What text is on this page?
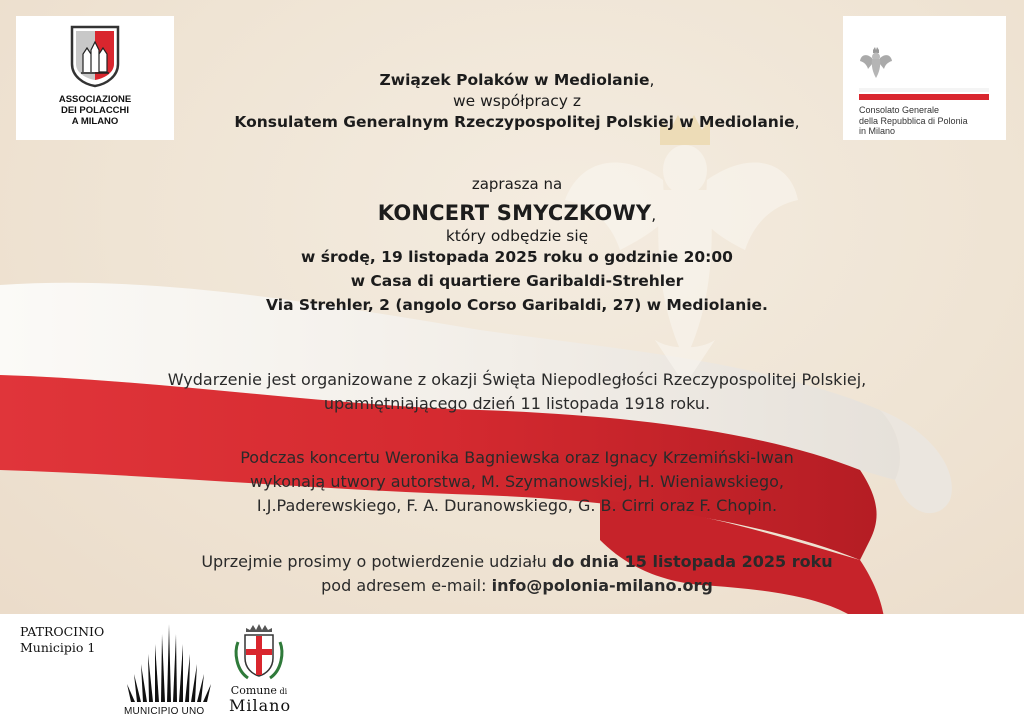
ASSOCIAZIONE
DEI POLACCHI
A MILANO
Consolato Generale
della Repubblica di Polonia
in Milano
Związek Polaków w Mediolanie,
we współpracy z
Konsulatem Generalnym Rzeczypospolitej Polskiej w Mediolanie,
zaprasza na
KONCERT SMYCZKOWY,
który odbędzie się
w środę, 19 listopada 2025 roku o godzinie 20:00
w Casa di quartiere Garibaldi-Strehler
Via Strehler, 2 (angolo Corso Garibaldi, 27) w Mediolanie.
Wydarzenie jest organizowane z okazji Święta Niepodległości Rzeczypospolitej Polskiej,
upamiętniającego dzień 11 listopada 1918 roku.
Podczas koncertu Weronika Bagniewska oraz Ignacy Krzemiński-Iwan
wykonają utwory autorstwa, M. Szymanowskiej, H. Wieniawskiego,
I.J.Paderewskiego, F. A. Duranowskiego, G. B. Cirri oraz F. Chopin.
Uprzejmie prosimy o potwierdzenie udziału do dnia 15 listopada 2025 roku
pod adresem e-mail: info@polonia-milano.org
PATROCINIO
Municipio 1
MUNICIPIO UNO
Comune di
Milano
